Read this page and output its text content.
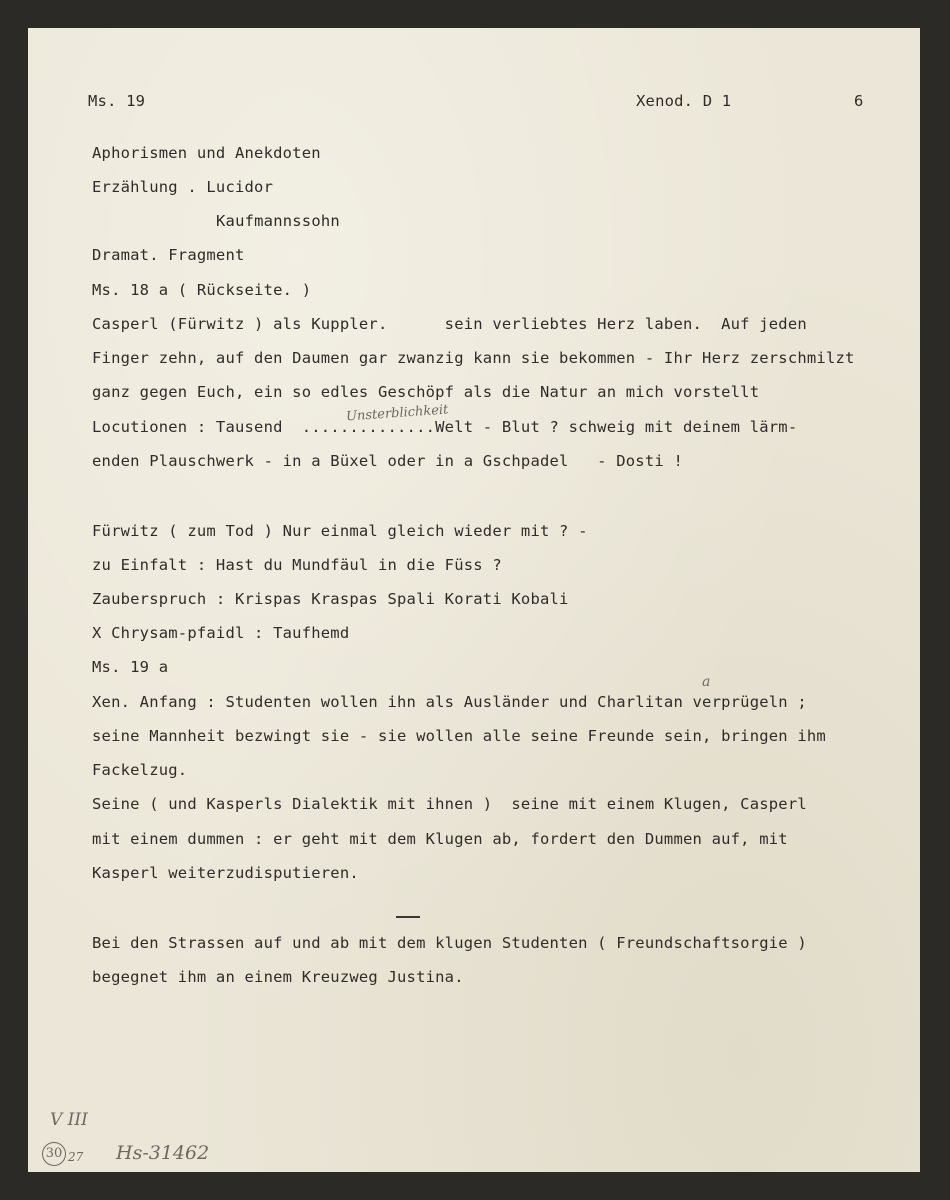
Ms. 19	Xenod. D 1	6
Aphorismen und Anekdoten
Erzählung . Lucidor
Kaufmannssohn
Dramat. Fragment
Ms. 18 a ( Rückseite. )
Casperl (Fürwitz ) als Kuppler.      sein verliebtes Herz laben.  Auf jeden
Finger zehn, auf den Daumen gar zwanzig kann sie bekommen - Ihr Herz zerschmilzt
ganz gegen Euch, ein so edles Geschöpf als die Natur an mich vorstellt
Locutionen : Tausend  ..............Welt - Blut ? schweig mit deinem lärm-
enden Plauschwerk - in a Büxel oder in a Gschpadel   - Dosti !
Fürwitz ( zum Tod ) Nur einmal gleich wieder mit ? -
zu Einfalt : Hast du Mundfäul in die Füss ?
Zauberspruch : Krispas Kraspas Spali Korati Kobali
X Chrysam-pfaidl : Taufhemd
Ms. 19 a
Xen. Anfang : Studenten wollen ihn als Ausländer und Charlitan verprügeln ;
seine Mannheit bezwingt sie - sie wollen alle seine Freunde sein, bringen ihm
Fackelzug.
Seine ( und Kasperls Dialektik mit ihnen )  seine mit einem Klugen, Casperl
mit einem dummen : er geht mit dem Klugen ab, fordert den Dummen auf, mit
Kasperl weiterzudisputieren.
Bei den Strassen auf und ab mit dem klugen Studenten ( Freundschaftsorgie )
begegnet ihm an einem Kreuzweg Justina.
Unsterblichkeit
a
V III
30 27 Hs-31462
